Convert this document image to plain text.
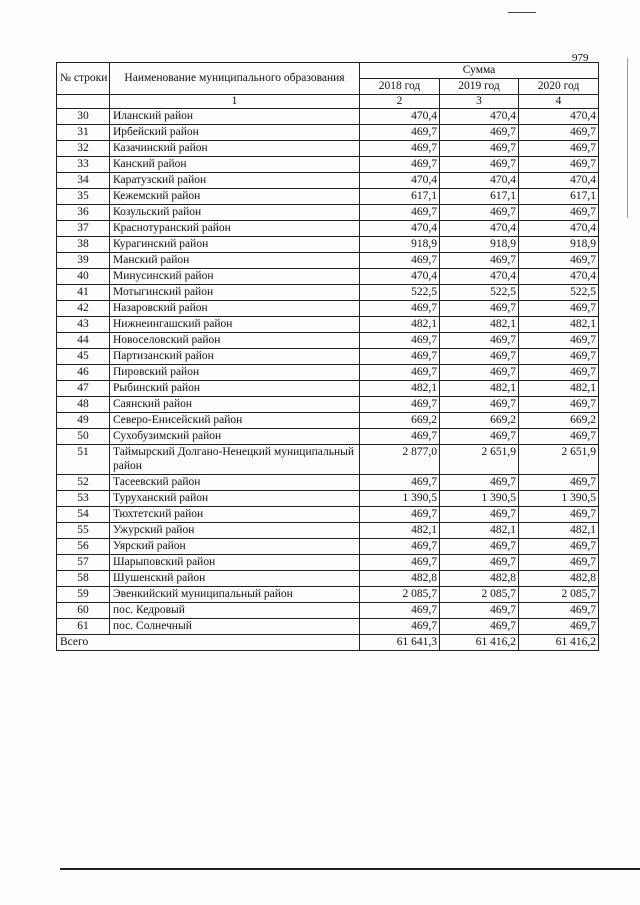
979
№ строки	Наименование муниципального образования	Сумма		
		2018 год	2019 год	2020 год
	1	2	3	4
30	Иланский район	470,4	470,4	470,4
31	Ирбейский район	469,7	469,7	469,7
32	Казачинский район	469,7	469,7	469,7
33	Канский район	469,7	469,7	469,7
34	Каратузский район	470,4	470,4	470,4
35	Кежемский район	617,1	617,1	617,1
36	Козульский район	469,7	469,7	469,7
37	Краснотуранский район	470,4	470,4	470,4
38	Курагинский район	918,9	918,9	918,9
39	Манский район	469,7	469,7	469,7
40	Минусинский район	470,4	470,4	470,4
41	Мотыгинский район	522,5	522,5	522,5
42	Назаровский район	469,7	469,7	469,7
43	Нижнеингашский район	482,1	482,1	482,1
44	Новоселовский район	469,7	469,7	469,7
45	Партизанский район	469,7	469,7	469,7
46	Пировский район	469,7	469,7	469,7
47	Рыбинский район	482,1	482,1	482,1
48	Саянский район	469,7	469,7	469,7
49	Северо-Енисейский район	669,2	669,2	669,2
50	Сухобузимский район	469,7	469,7	469,7
51	Таймырский Долгано-Ненецкий муниципальный район	2 877,0	2 651,9	2 651,9
52	Тасеевский район	469,7	469,7	469,7
53	Туруханский район	1 390,5	1 390,5	1 390,5
54	Тюхтетский район	469,7	469,7	469,7
55	Ужурский район	482,1	482,1	482,1
56	Уярский район	469,7	469,7	469,7
57	Шарыповский район	469,7	469,7	469,7
58	Шушенский район	482,8	482,8	482,8
59	Эвенкийский муниципальный район	2 085,7	2 085,7	2 085,7
60	пос. Кедровый	469,7	469,7	469,7
61	пос. Солнечный	469,7	469,7	469,7
Всего		61 641,3	61 416,2	61 416,2
